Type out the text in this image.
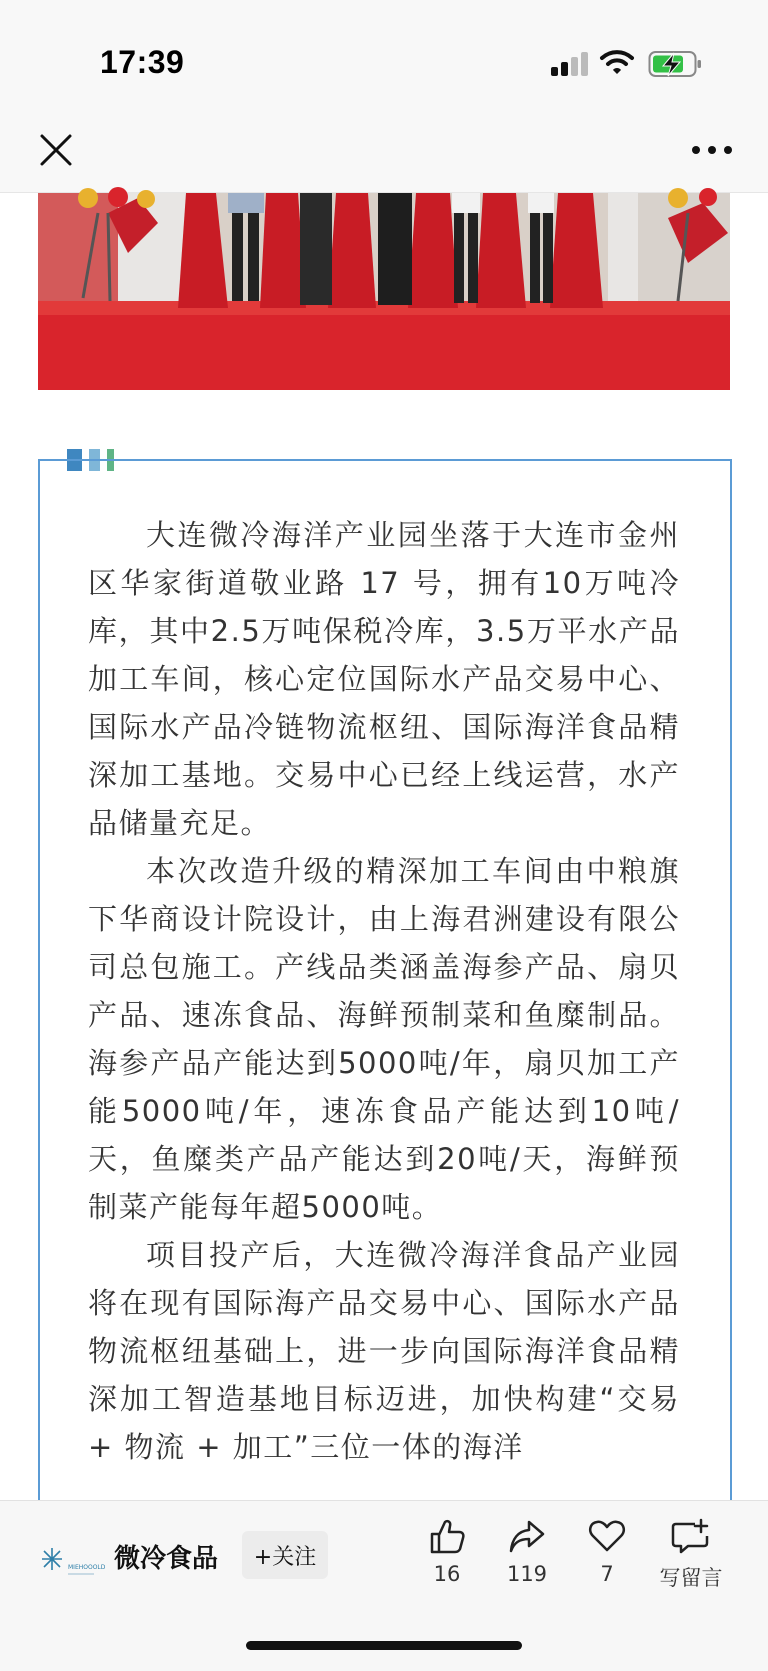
17:39

大连微冷海洋产业园坐落于大连市金州区华家街道敬业路 17 号，拥有10万吨冷库，其中2.5万吨保税冷库，3.5万平水产品加工车间，核心定位国际水产品交易中心、国际水产品冷链物流枢纽、国际海洋食品精深加工基地。交易中心已经上线运营，水产品储量充足。

本次改造升级的精深加工车间由中粮旗下华商设计院设计，由上海君洲建设有限公司总包施工。产线品类涵盖海参产品、扇贝产品、速冻食品、海鲜预制菜和鱼糜制品。海参产品产能达到5000吨/年，扇贝加工产能5000吨/年，速冻食品产能达到10吨/天，鱼糜类产品产能达到20吨/天，海鲜预制菜产能每年超5000吨。

项目投产后，大连微冷海洋食品产业园将在现有国际海产品交易中心、国际水产品物流枢纽基础上，进一步向国际海洋食品精深加工智造基地目标迈进，加快构建“交易 + 物流 + 加工”三位一体的海洋

MIEHOOOLD 微冷食品	+关注
16	119	7	写留言
